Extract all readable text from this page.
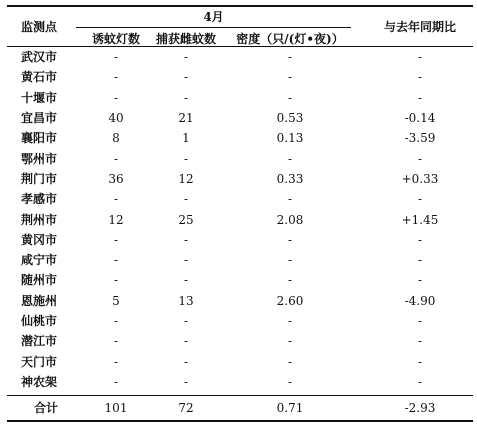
监测点
4月
诱蚊灯数	捕获雌蚊数	密度（只/(灯•夜)）
与去年同期比
武汉市	-	-	-	-
黄石市	-	-	-	-
十堰市	-	-	-	-
宜昌市	40	21	0.53	-0.14
襄阳市	8	1	0.13	-3.59
鄂州市	-	-	-	-
荆门市	36	12	0.33	+0.33
孝感市	-	-	-	-
荆州市	12	25	2.08	+1.45
黄冈市	-	-	-	-
咸宁市	-	-	-	-
随州市	-	-	-	-
恩施州	5	13	2.60	-4.90
仙桃市	-	-	-	-
潜江市	-	-	-	-
天门市	-	-	-	-
神农架	-	-	-	-
合计	101	72	0.71	-2.93
